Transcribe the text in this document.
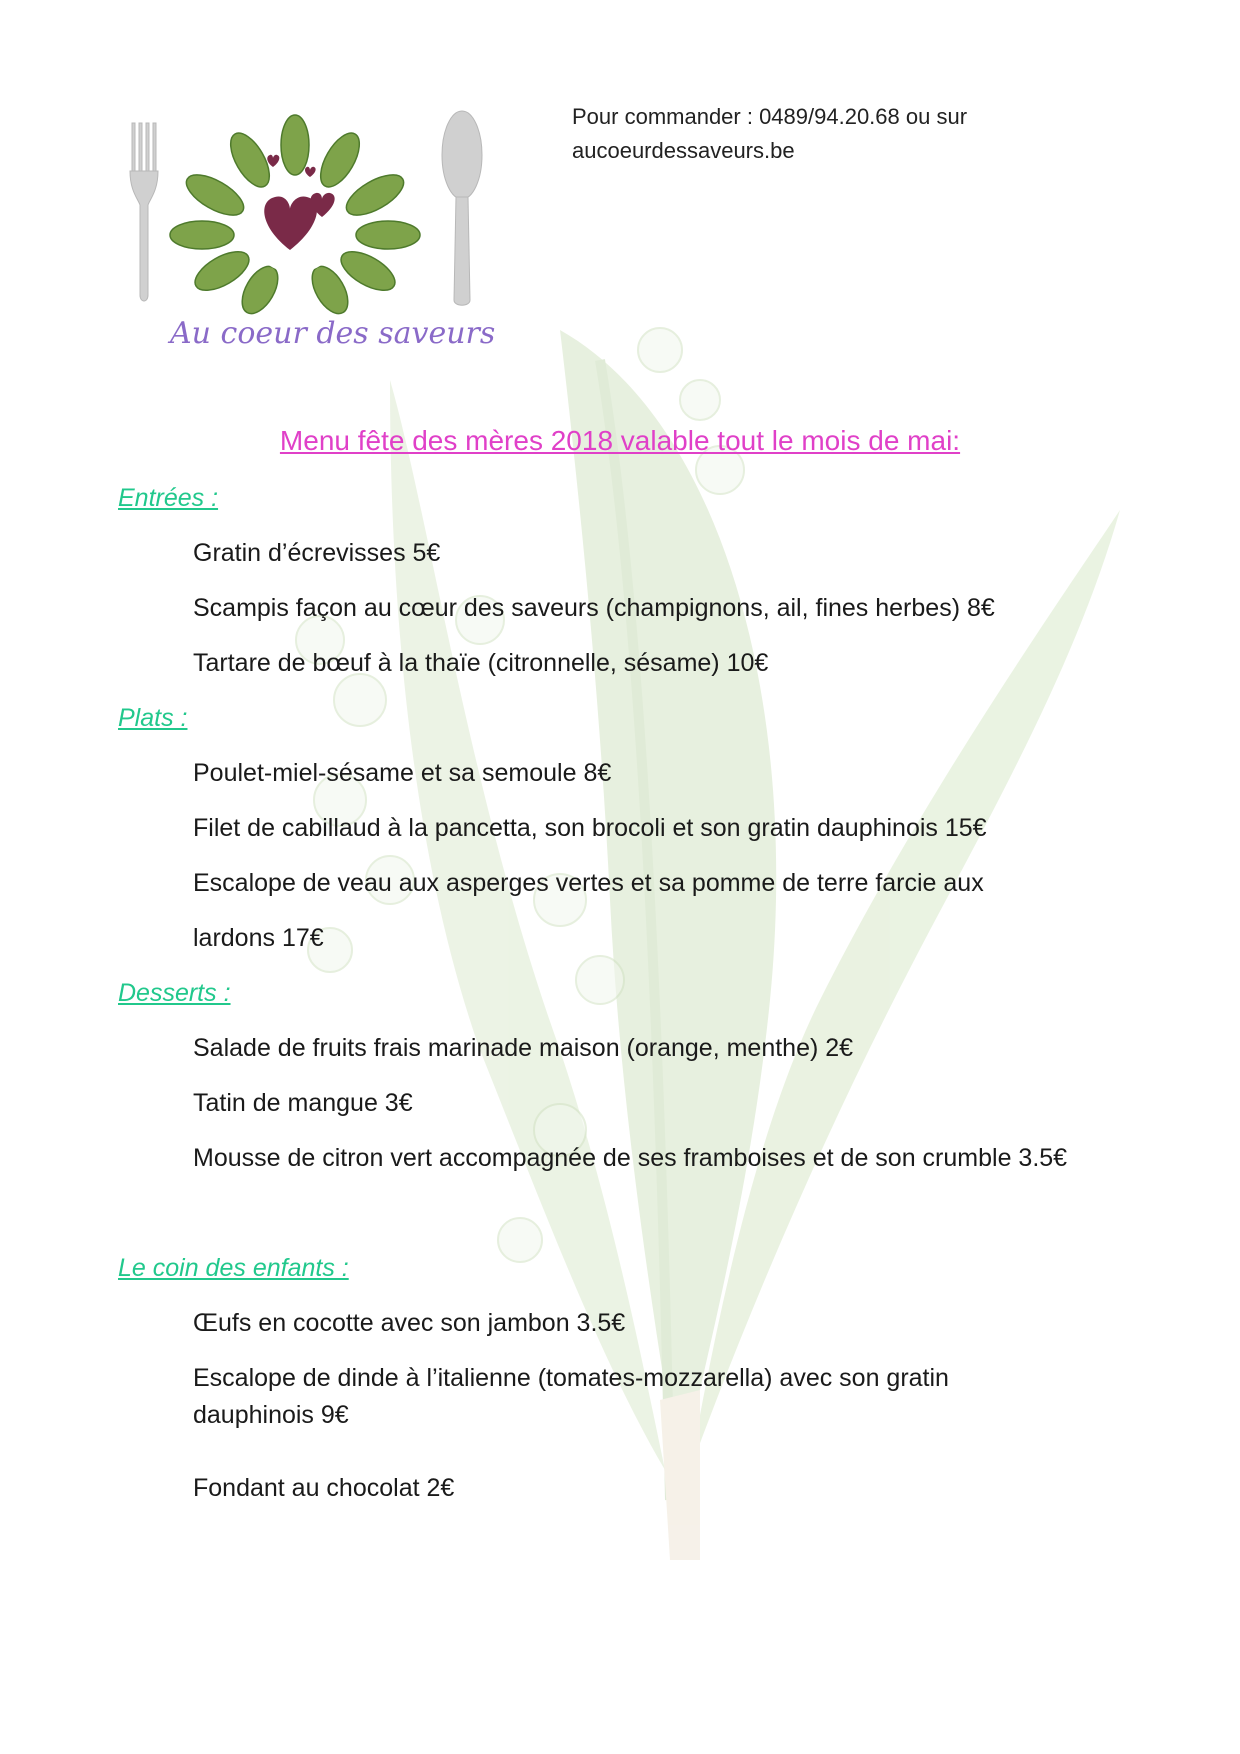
Au coeur des saveurs
Pour commander : 0489/94.20.68 ou sur
aucoeurdessaveurs.be
Menu fête des mères 2018 valable tout le mois de mai:
Entrées :
Gratin d’écrevisses 5€
Scampis façon au cœur des saveurs (champignons, ail, fines herbes) 8€
Tartare de bœuf à la thaïe (citronnelle, sésame) 10€
Plats :
Poulet-miel-sésame et sa semoule 8€
Filet de cabillaud à la pancetta, son brocoli et son gratin dauphinois 15€
Escalope de veau aux asperges vertes et sa pomme de terre farcie aux
lardons 17€
Desserts :
Salade de fruits frais marinade maison (orange, menthe) 2€
Tatin de mangue 3€
Mousse de citron vert accompagnée de ses framboises et de son crumble 3.5€
Le coin des enfants :
Œufs en cocotte avec son jambon 3.5€
Escalope de dinde à l’italienne (tomates-mozzarella) avec son gratin
dauphinois 9€
Fondant au chocolat 2€
